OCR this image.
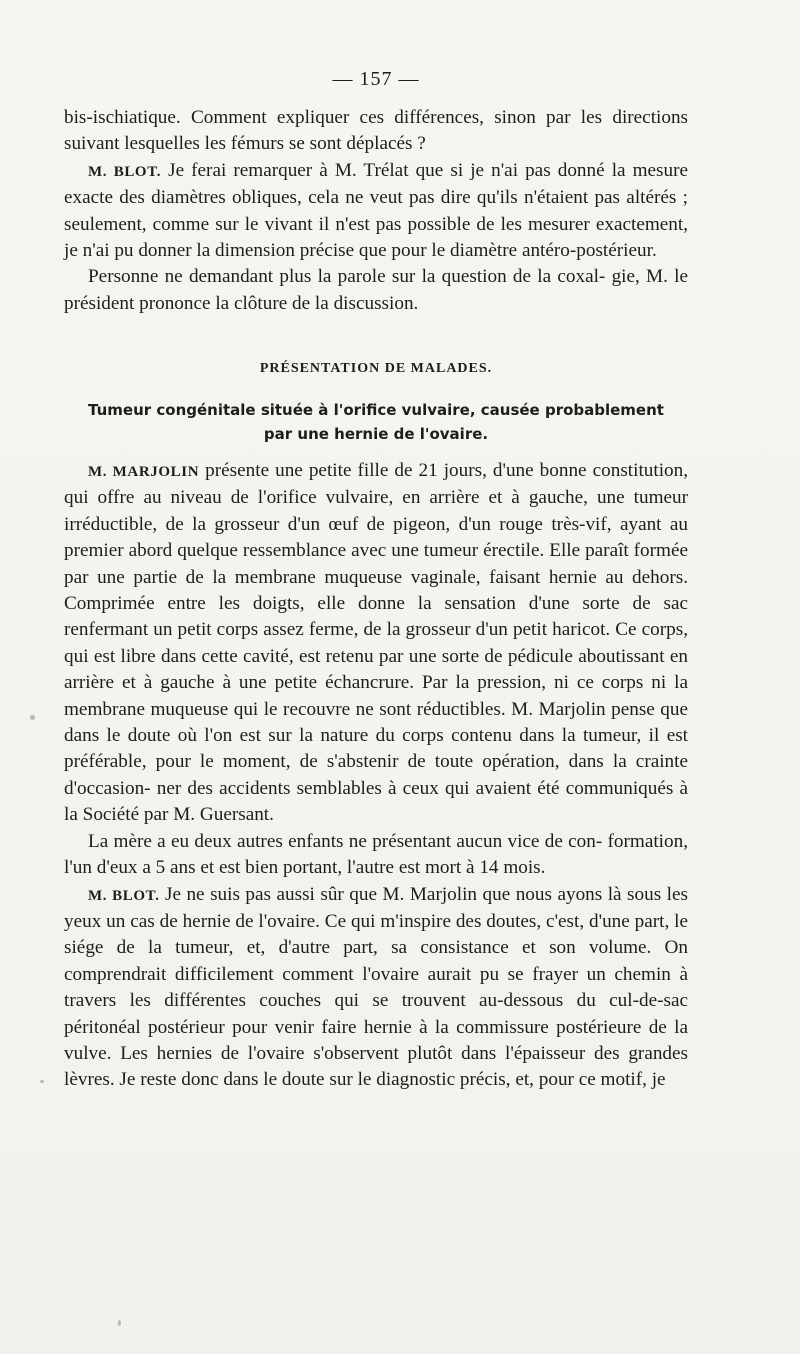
— 157 —

bis-ischiatique. Comment expliquer ces différences, sinon par les directions suivant lesquelles les fémurs se sont déplacés ?

M. BLOT. Je ferai remarquer à M. Trélat que si je n'ai pas donné la mesure exacte des diamètres obliques, cela ne veut pas dire qu'ils n'étaient pas altérés ; seulement, comme sur le vivant il n'est pas possible de les mesurer exactement, je n'ai pu donner la dimension précise que pour le diamètre antéro-postérieur.

Personne ne demandant plus la parole sur la question de la coxal- gie, M. le président prononce la clôture de la discussion.

PRÉSENTATION DE MALADES.
Tumeur congénitale située à l'orifice vulvaire, causée probablement
par une hernie de l'ovaire.

M. MARJOLIN présente une petite fille de 21 jours, d'une bonne constitution, qui offre au niveau de l'orifice vulvaire, en arrière et à gauche, une tumeur irréductible, de la grosseur d'un œuf de pigeon, d'un rouge très-vif, ayant au premier abord quelque ressemblance avec une tumeur érectile. Elle paraît formée par une partie de la membrane muqueuse vaginale, faisant hernie au dehors. Comprimée entre les doigts, elle donne la sensation d'une sorte de sac renfermant un petit corps assez ferme, de la grosseur d'un petit haricot. Ce corps, qui est libre dans cette cavité, est retenu par une sorte de pédicule aboutissant en arrière et à gauche à une petite échancrure. Par la pression, ni ce corps ni la membrane muqueuse qui le recouvre ne sont réductibles. M. Marjolin pense que dans le doute où l'on est sur la nature du corps contenu dans la tumeur, il est préférable, pour le moment, de s'abstenir de toute opération, dans la crainte d'occasion- ner des accidents semblables à ceux qui avaient été communiqués à la Société par M. Guersant.

La mère a eu deux autres enfants ne présentant aucun vice de con- formation, l'un d'eux a 5 ans et est bien portant, l'autre est mort à 14 mois.

M. BLOT. Je ne suis pas aussi sûr que M. Marjolin que nous ayons là sous les yeux un cas de hernie de l'ovaire. Ce qui m'inspire des doutes, c'est, d'une part, le siége de la tumeur, et, d'autre part, sa consistance et son volume. On comprendrait difficilement comment l'ovaire aurait pu se frayer un chemin à travers les différentes couches qui se trouvent au-dessous du cul-de-sac péritonéal postérieur pour venir faire hernie à la commissure postérieure de la vulve. Les hernies de l'ovaire s'observent plutôt dans l'épaisseur des grandes lèvres. Je reste donc dans le doute sur le diagnostic précis, et, pour ce motif, je
